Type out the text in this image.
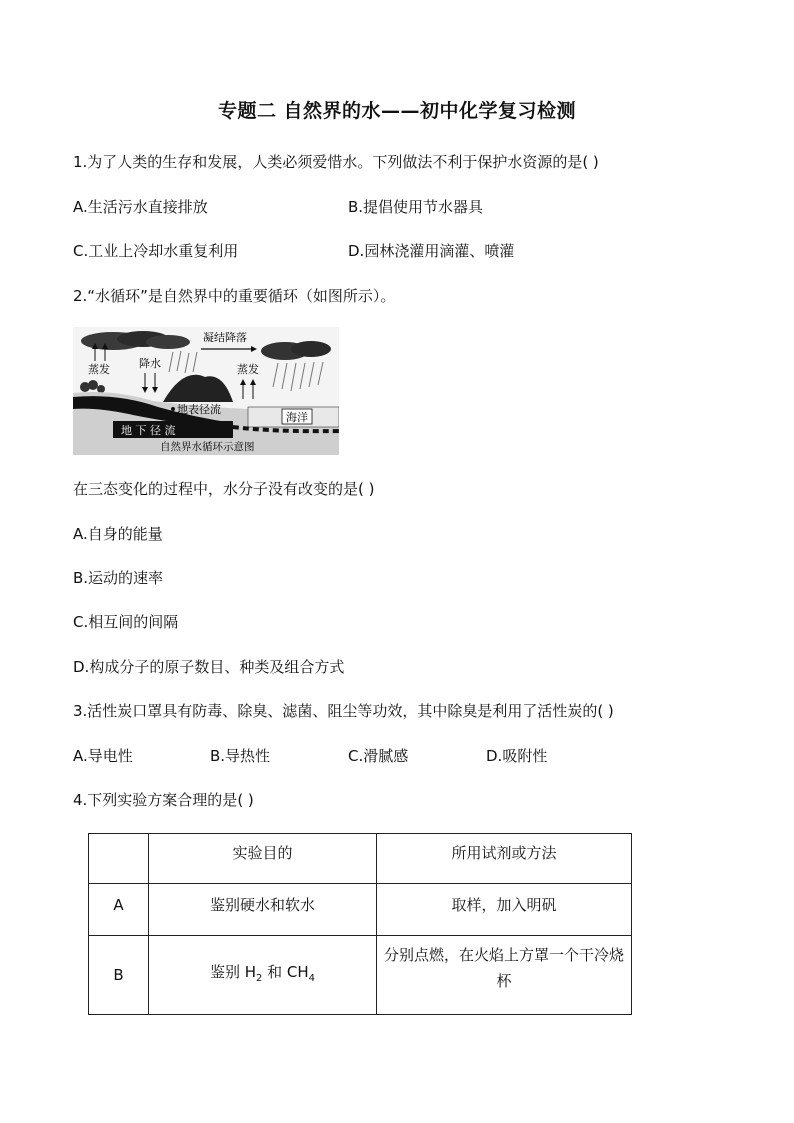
专题二 自然界的水——初中化学复习检测
1.为了人类的生存和发展，人类必须爱惜水。下列做法不利于保护水资源的是( )
A.生活污水直接排放	B.提倡使用节水器具
C.工业上冷却水重复利用	D.园林浇灌用滴灌、喷灌
2.“水循环”是自然界中的重要循环（如图所示）。
凝结降落
蒸发	降水	蒸发
海洋
地表径流
地 下 径 流
自然界水循环示意图
在三态变化的过程中，水分子没有改变的是( )
A.自身的能量
B.运动的速率
C.相互间的间隔
D.构成分子的原子数目、种类及组合方式
3.活性炭口罩具有防毒、除臭、滤菌、阻尘等功效，其中除臭是利用了活性炭的( )
A.导电性	B.导热性	C.滑腻感	D.吸附性
4.下列实验方案合理的是( )
	实验目的	所用试剂或方法
A	鉴别硬水和软水	取样，加入明矾
B	鉴别 $H_2$ 和 $CH_4$	分别点燃，在火焰上方罩一个干冷烧杯
